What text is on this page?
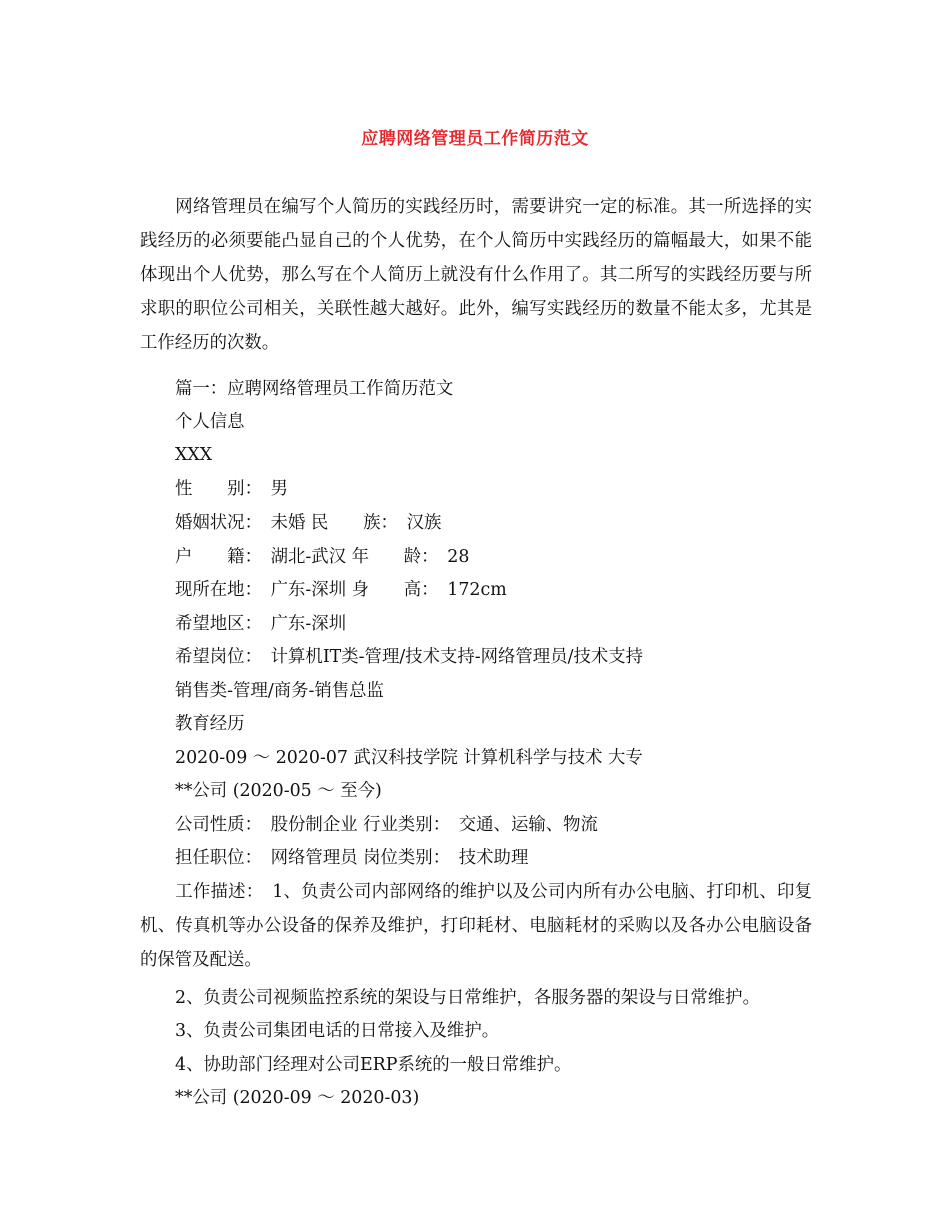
应聘网络管理员工作简历范文

网络管理员在编写个人简历的实践经历时，需要讲究一定的标准。其一所选择的实践经历的必须要能凸显自己的个人优势，在个人简历中实践经历的篇幅最大，如果不能体现出个人优势，那么写在个人简历上就没有什么作用了。其二所写的实践经历要与所求职的职位公司相关，关联性越大越好。此外，编写实践经历的数量不能太多，尤其是工作经历的次数。

篇一：应聘网络管理员工作简历范文

个人信息

XXX

性　　别：　男

婚姻状况：　未婚 民　　族：　汉族

户　　籍：　湖北-武汉 年　　龄：　28

现所在地：　广东-深圳 身　　高：　172cm

希望地区：　广东-深圳

希望岗位：　计算机IT类-管理/技术支持-网络管理员/技术支持

销售类-管理/商务-销售总监

教育经历

2020-09 ～ 2020-07 武汉科技学院 计算机科学与技术 大专

**公司 (2020-05 ～ 至今)

公司性质：　股份制企业 行业类别：　交通、运输、物流

担任职位：　网络管理员 岗位类别：　技术助理

工作描述：　1、负责公司内部网络的维护以及公司内所有办公电脑、打印机、印复机、传真机等办公设备的保养及维护，打印耗材、电脑耗材的采购以及各办公电脑设备的保管及配送。

2、负责公司视频监控系统的架设与日常维护，各服务器的架设与日常维护。

3、负责公司集团电话的日常接入及维护。

4、协助部门经理对公司ERP系统的一般日常维护。

**公司 (2020-09 ～ 2020-03)
